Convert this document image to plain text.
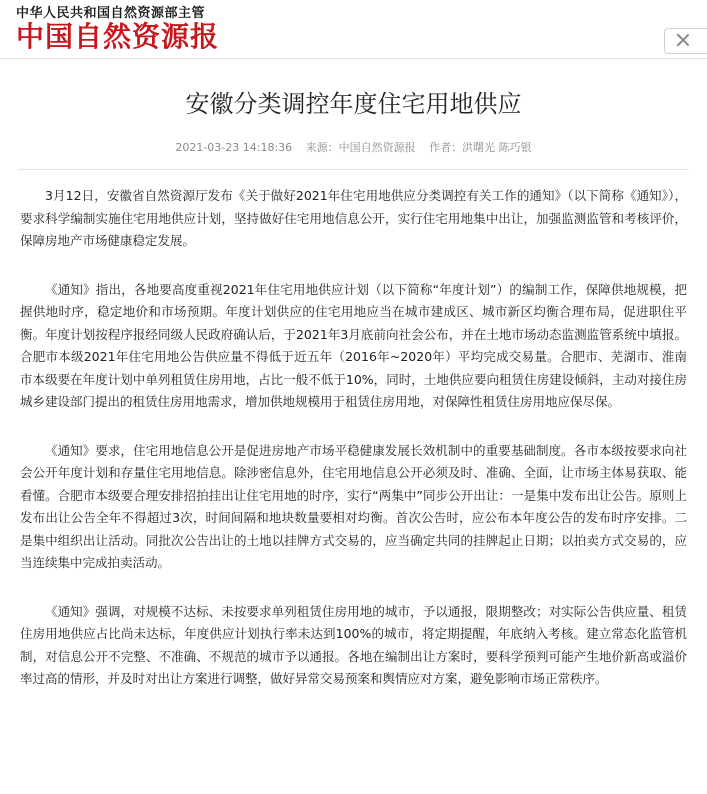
中华人民共和国自然资源部主管
中国自然资源报
安徽分类调控年度住宅用地供应
2021-03-23 14:18:36 来源：中国自然资源报 作者：洪曙光 陈巧银

3月12日，安徽省自然资源厅发布《关于做好2021年住宅用地供应分类调控有关工作的通知》（以下简称《通知》），要求科学编制实施住宅用地供应计划，坚持做好住宅用地信息公开，实行住宅用地集中出让，加强监测监管和考核评价，保障房地产市场健康稳定发展。

《通知》指出，各地要高度重视2021年住宅用地供应计划（以下简称“年度计划”）的编制工作，保障供地规模，把握供地时序，稳定地价和市场预期。年度计划供应的住宅用地应当在城市建成区、城市新区均衡合理布局，促进职住平衡。年度计划按程序报经同级人民政府确认后，于2021年3月底前向社会公布，并在土地市场动态监测监管系统中填报。合肥市本级2021年住宅用地公告供应量不得低于近五年（2016年~2020年）平均完成交易量。合肥市、芜湖市、淮南市本级要在年度计划中单列租赁住房用地，占比一般不低于10%，同时，土地供应要向租赁住房建设倾斜，主动对接住房城乡建设部门提出的租赁住房用地需求，增加供地规模用于租赁住房用地，对保障性租赁住房用地应保尽保。

《通知》要求，住宅用地信息公开是促进房地产市场平稳健康发展长效机制中的重要基础制度。各市本级按要求向社会公开年度计划和存量住宅用地信息。除涉密信息外，住宅用地信息公开必须及时、准确、全面，让市场主体易获取、能看懂。合肥市本级要合理安排招拍挂出让住宅用地的时序，实行“两集中”同步公开出让：一是集中发布出让公告。原则上发布出让公告全年不得超过3次，时间间隔和地块数量要相对均衡。首次公告时，应公布本年度公告的发布时序安排。二是集中组织出让活动。同批次公告出让的土地以挂牌方式交易的，应当确定共同的挂牌起止日期；以拍卖方式交易的，应当连续集中完成拍卖活动。

《通知》强调，对规模不达标、未按要求单列租赁住房用地的城市，予以通报，限期整改；对实际公告供应量、租赁住房用地供应占比尚未达标，年度供应计划执行率未达到100%的城市，将定期提醒，年底纳入考核。建立常态化监管机制，对信息公开不完整、不准确、不规范的城市予以通报。各地在编制出让方案时，要科学预判可能产生地价新高或溢价率过高的情形，并及时对出让方案进行调整，做好异常交易预案和舆情应对方案，避免影响市场正常秩序。
